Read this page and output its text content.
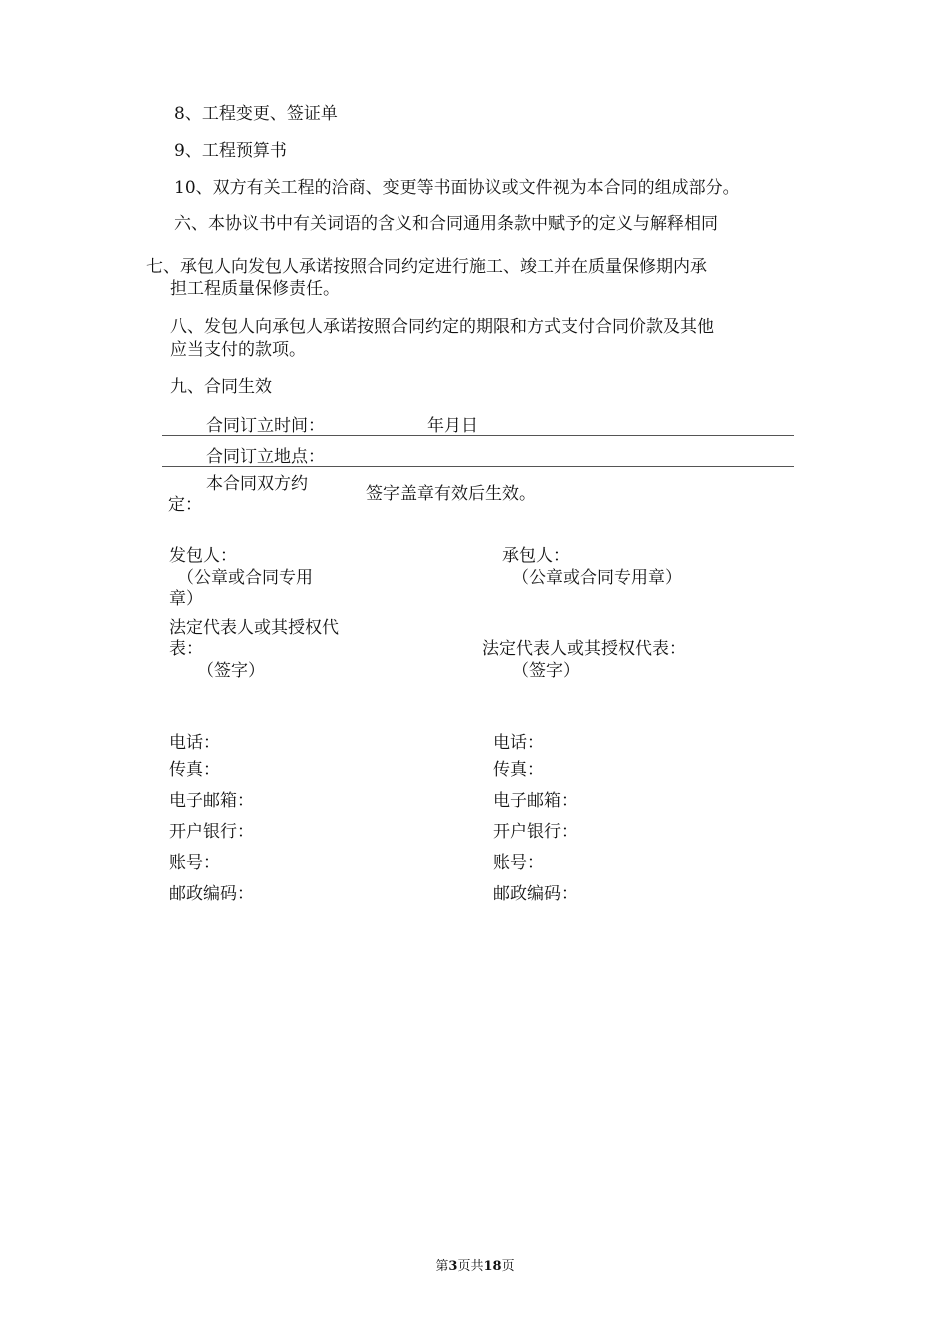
8、工程变更、签证单
9、工程预算书
10、双方有关工程的洽商、变更等书面协议或文件视为本合同的组成部分。
六、本协议书中有关词语的含义和合同通用条款中赋予的定义与解释相同
七、承包人向发包人承诺按照合同约定进行施工、竣工并在质量保修期内承
担工程质量保修责任。
八、发包人向承包人承诺按照合同约定的期限和方式支付合同价款及其他
应当支付的款项。
九、合同生效
合同订立时间：	年月日
合同订立地点：
本合同双方约
定：
签字盖章有效后生效。
发包人：
（公章或合同专用
章）
法定代表人或其授权代
表：
（签字）
电话：
传真：
电子邮箱：
开户银行：
账号：
邮政编码：
承包人：
（公章或合同专用章）
法定代表人或其授权代表：
（签字）
电话：
传真：
电子邮箱：
开户银行：
账号：
邮政编码：
第3页共18页
